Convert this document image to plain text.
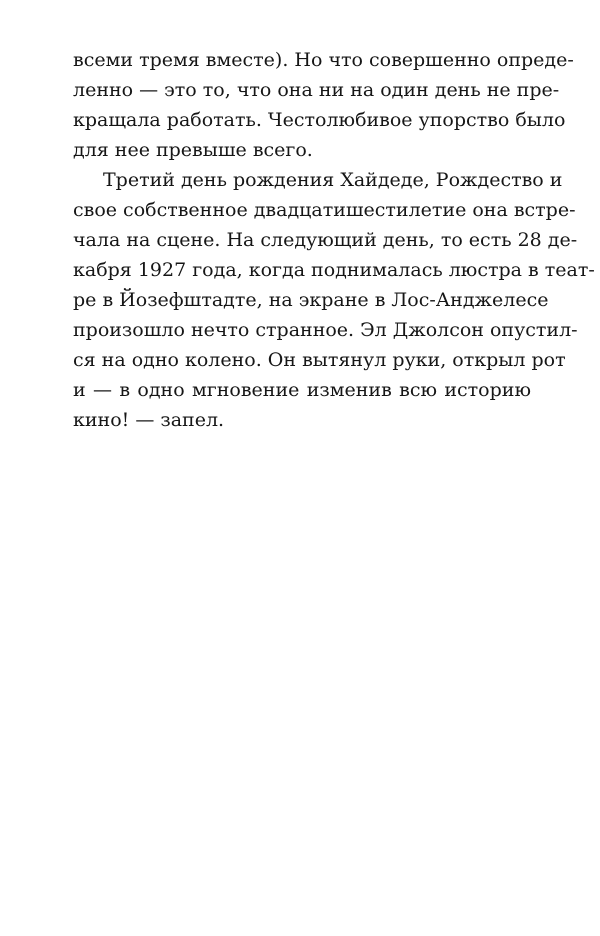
всеми тремя вместе). Но что совершенно опреде-
ленно — это то, что она ни на один день не пре-
кращала работать. Честолюбивое упорство было
для нее превыше всего.
Третий день рождения Хайдеде, Рождество и
свое собственное двадцатишестилетие она встре-
чала на сцене. На следующий день, то есть 28 де-
кабря 1927 года, когда поднималась люстра в теат-
ре в Йозефштадте, на экране в Лос-Анджелесе
произошло нечто странное. Эл Джолсон опустил-
ся на одно колено. Он вытянул руки, открыл рот
и — в одно мгновение изменив всю историю
кино! — запел.
